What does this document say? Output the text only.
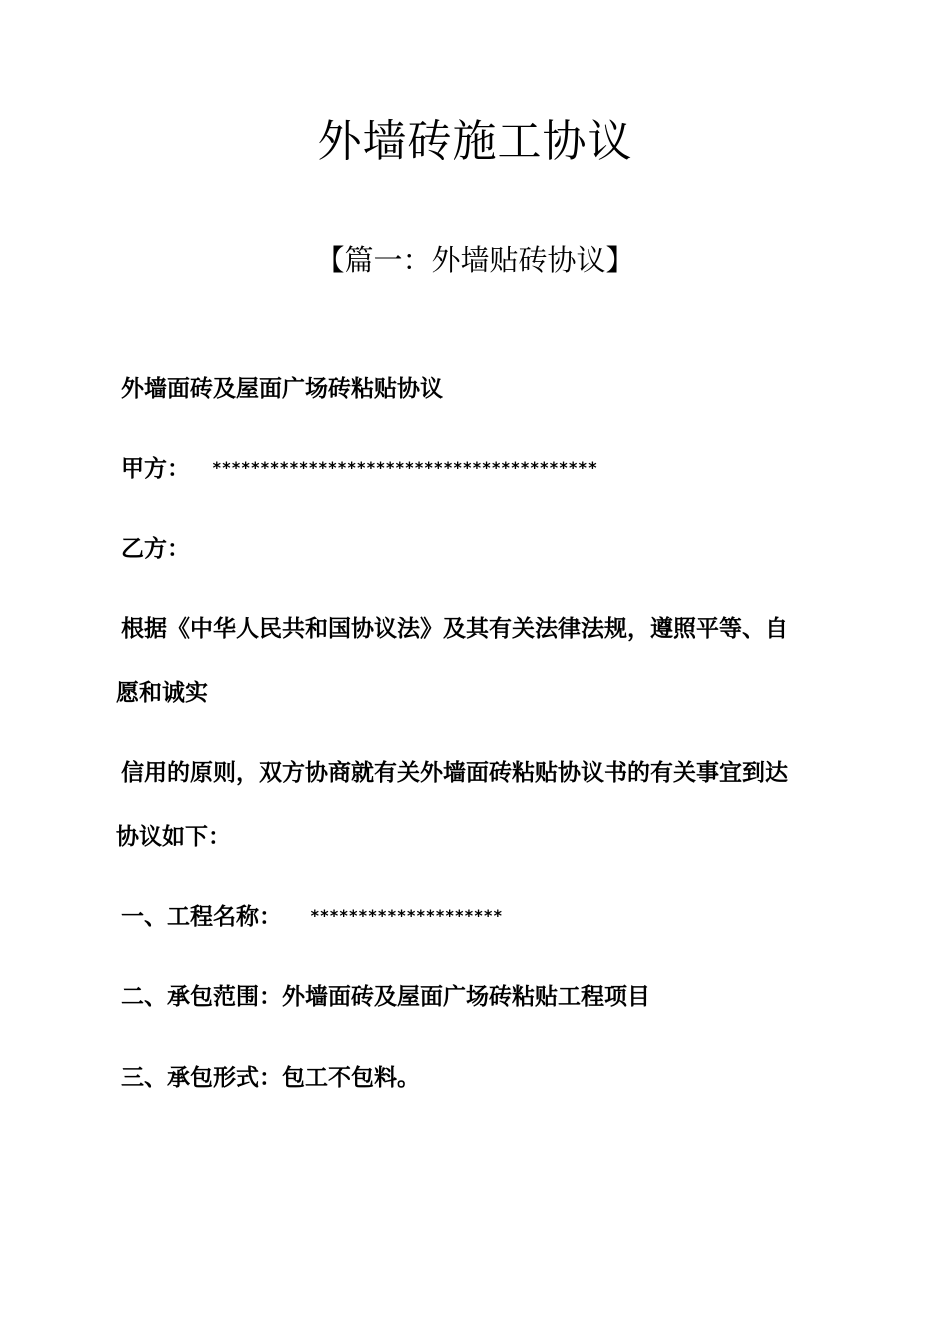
外墙砖施工协议
【篇一：外墙贴砖协议】
外墙面砖及屋面广场砖粘贴协议
甲方： ****************************************
乙方：
根据《中华人民共和国协议法》及其有关法律法规，遵照平等、自
愿和诚实
信用的原则，双方协商就有关外墙面砖粘贴协议书的有关事宜到达
协议如下：
一、工程名称： ********************
二、承包范围：外墙面砖及屋面广场砖粘贴工程项目
三、承包形式：包工不包料。
